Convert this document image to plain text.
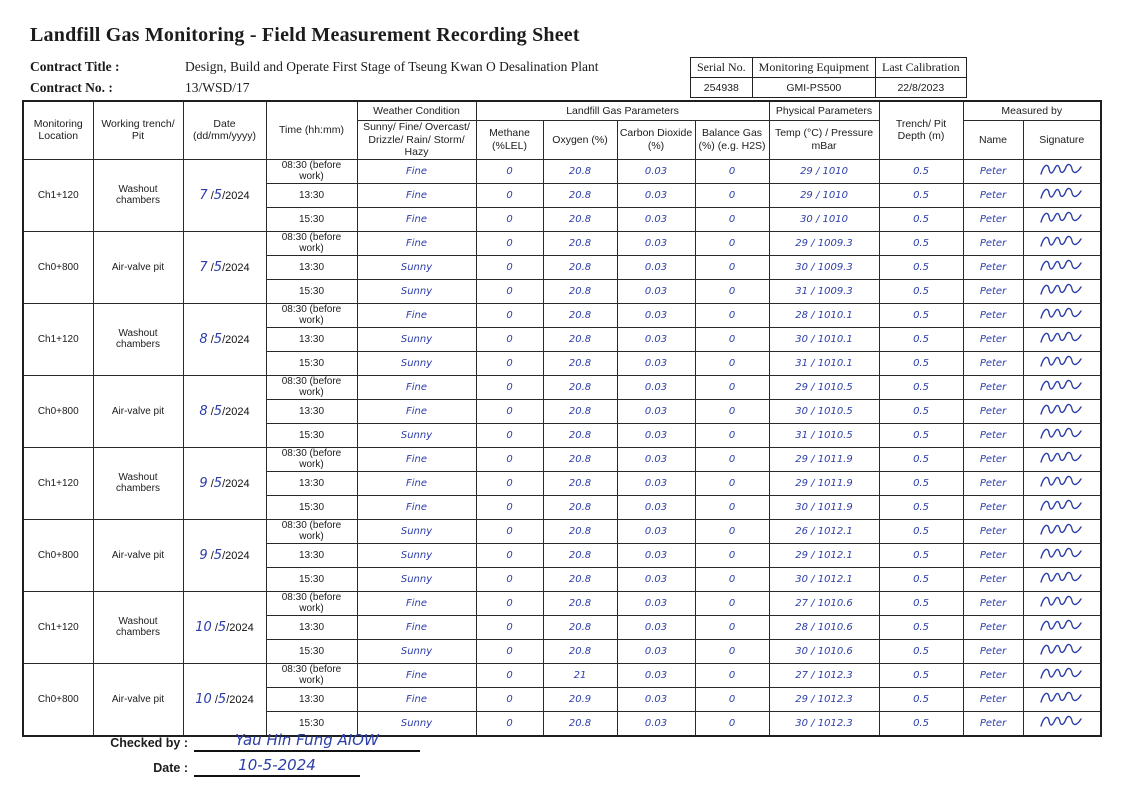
Landfill Gas Monitoring - Field Measurement Recording Sheet
Contract Title :	Design, Build and Operate First Stage of Tseung Kwan O Desalination Plant
Contract No. :	13/WSD/17
Serial No.	Monitoring Equipment	Last Calibration
254938	GMI-PS500	22/8/2023
Monitoring Location	Working trench/ Pit	Date (dd/mm/yyyy)	Time (hh:mm)	Weather Condition	Landfill Gas Parameters				Physical Parameters	Trench/ Pit Depth (m)	Measured by	
				Sunny/ Fine/ Overcast/ Drizzle/ Rain/ Storm/ Hazy	Methane (%LEL)	Oxygen (%)	Carbon Dioxide (%)	Balance Gas (%) (e.g. H2S)	Temp (°C) / Pressure mBar		Name	Signature
Ch1+120	Washout chambers	7 /5/2024	08:30 (before work)	Fine	0	20.8	0.03	0	29 / 1010	0.5	Peter	
			13:30	Fine	0	20.8	0.03	0	29 / 1010	0.5	Peter	
			15:30	Fine	0	20.8	0.03	0	30 / 1010	0.5	Peter	
Ch0+800	Air-valve pit	7 /5/2024	08:30 (before work)	Fine	0	20.8	0.03	0	29 / 1009.3	0.5	Peter	
			13:30	Sunny	0	20.8	0.03	0	30 / 1009.3	0.5	Peter	
			15:30	Sunny	0	20.8	0.03	0	31 / 1009.3	0.5	Peter	
Ch1+120	Washout chambers	8 /5/2024	08:30 (before work)	Fine	0	20.8	0.03	0	28 / 1010.1	0.5	Peter	
			13:30	Sunny	0	20.8	0.03	0	30 / 1010.1	0.5	Peter	
			15:30	Sunny	0	20.8	0.03	0	31 / 1010.1	0.5	Peter	
Ch0+800	Air-valve pit	8 /5/2024	08:30 (before work)	Fine	0	20.8	0.03	0	29 / 1010.5	0.5	Peter	
			13:30	Fine	0	20.8	0.03	0	30 / 1010.5	0.5	Peter	
			15:30	Sunny	0	20.8	0.03	0	31 / 1010.5	0.5	Peter	
Ch1+120	Washout chambers	9 /5/2024	08:30 (before work)	Fine	0	20.8	0.03	0	29 / 1011.9	0.5	Peter	
			13:30	Fine	0	20.8	0.03	0	29 / 1011.9	0.5	Peter	
			15:30	Fine	0	20.8	0.03	0	30 / 1011.9	0.5	Peter	
Ch0+800	Air-valve pit	9 /5/2024	08:30 (before work)	Sunny	0	20.8	0.03	0	26 / 1012.1	0.5	Peter	
			13:30	Sunny	0	20.8	0.03	0	29 / 1012.1	0.5	Peter	
			15:30	Sunny	0	20.8	0.03	0	30 / 1012.1	0.5	Peter	
Ch1+120	Washout chambers	10 /5/2024	08:30 (before work)	Fine	0	20.8	0.03	0	27 / 1010.6	0.5	Peter	
			13:30	Fine	0	20.8	0.03	0	28 / 1010.6	0.5	Peter	
			15:30	Sunny	0	20.8	0.03	0	30 / 1010.6	0.5	Peter	
Ch0+800	Air-valve pit	10 /5/2024	08:30 (before work)	Fine	0	21	0.03	0	27 / 1012.3	0.5	Peter	
			13:30	Fine	0	20.9	0.03	0	29 / 1012.3	0.5	Peter	
			15:30	Sunny	0	20.8	0.03	0	30 / 1012.3	0.5	Peter	
Checked by :	Yau Hin Fung AIOW
Date :	10-5-2024
